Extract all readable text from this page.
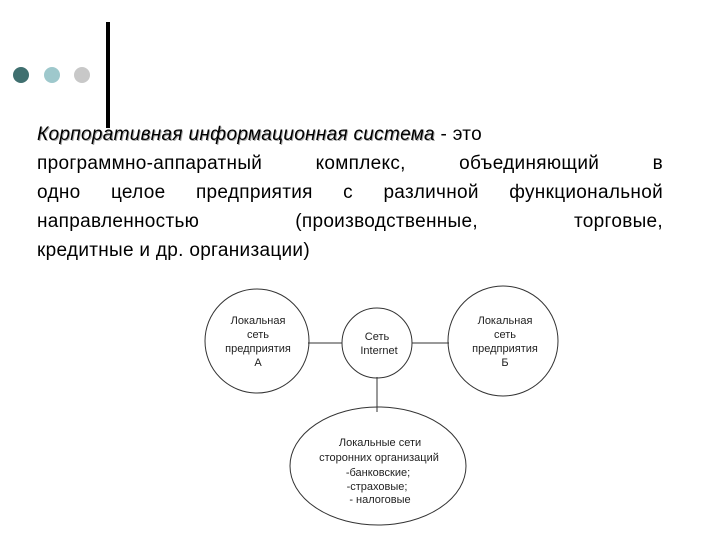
Корпоративная информационная система - это
программно-аппаратный	комплекс,	объединяющий	в
одно целое предприятия с различной функциональной
направленностью	(производственные,	торговые,
кредитные и др. организации)
Локальная
сеть
предприятия
А
Сеть
Internet
Локальная
сеть
предприятия
Б
Локальные сети
сторонних организаций
-банковские;
-страховые;
- налоговые
